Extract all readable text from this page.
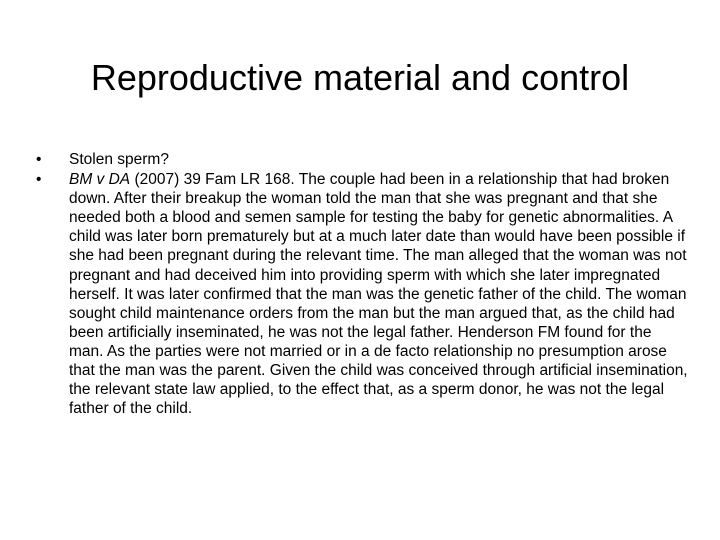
Reproductive material and control
•	Stolen sperm?
•	BM v DA (2007) 39 Fam LR 168. The couple had been in a relationship that had broken down. After their breakup the woman told the man that she was pregnant and that she needed both a blood and semen sample for testing the baby for genetic abnormalities. A child was later born prematurely but at a much later date than would have been possible if she had been pregnant during the relevant time. The man alleged that the woman was not pregnant and had deceived him into providing sperm with which she later impregnated herself. It was later confirmed that the man was the genetic father of the child. The woman sought child maintenance orders from the man but the man argued that, as the child had been artificially inseminated, he was not the legal father. Henderson FM found for the man. As the parties were not married or in a de facto relationship no presumption arose that the man was the parent. Given the child was conceived through artificial insemination, the relevant state law applied, to the effect that, as a sperm donor, he was not the legal father of the child.
